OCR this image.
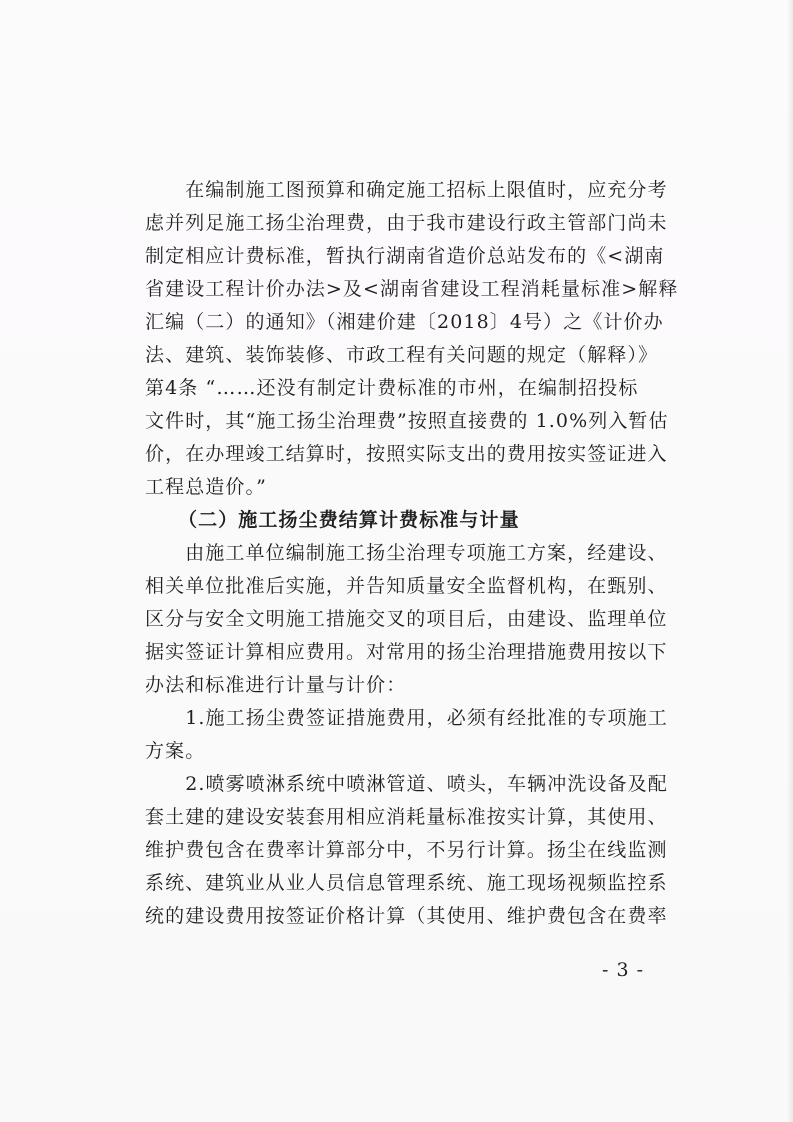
　　在编制施工图预算和确定施工招标上限值时，应充分考
虑并列足施工扬尘治理费，由于我市建设行政主管部门尚未
制定相应计费标准，暂执行湖南省造价总站发布的《<湖南
省建设工程计价办法>及<湖南省建设工程消耗量标准>解释
汇编（二）的通知》（湘建价建〔2018〕4号）之《计价办
法、建筑、装饰装修、市政工程有关问题的规定（解释）》
第4条 “……还没有制定计费标准的市州，在编制招投标
文件时，其“施工扬尘治理费”按照直接费的 1.0%列入暂估
价，在办理竣工结算时，按照实际支出的费用按实签证进入
工程总造价。”
（二）施工扬尘费结算计费标准与计量
　　由施工单位编制施工扬尘治理专项施工方案，经建设、
相关单位批准后实施，并告知质量安全监督机构，在甄别、
区分与安全文明施工措施交叉的项目后，由建设、监理单位
据实签证计算相应费用。对常用的扬尘治理措施费用按以下
办法和标准进行计量与计价：
　　1.施工扬尘费签证措施费用，必须有经批准的专项施工
方案。
　　2.喷雾喷淋系统中喷淋管道、喷头，车辆冲洗设备及配
套土建的建设安装套用相应消耗量标准按实计算，其使用、
维护费包含在费率计算部分中，不另行计算。扬尘在线监测
系统、建筑业从业人员信息管理系统、施工现场视频监控系
统的建设费用按签证价格计算（其使用、维护费包含在费率
- 3 -
